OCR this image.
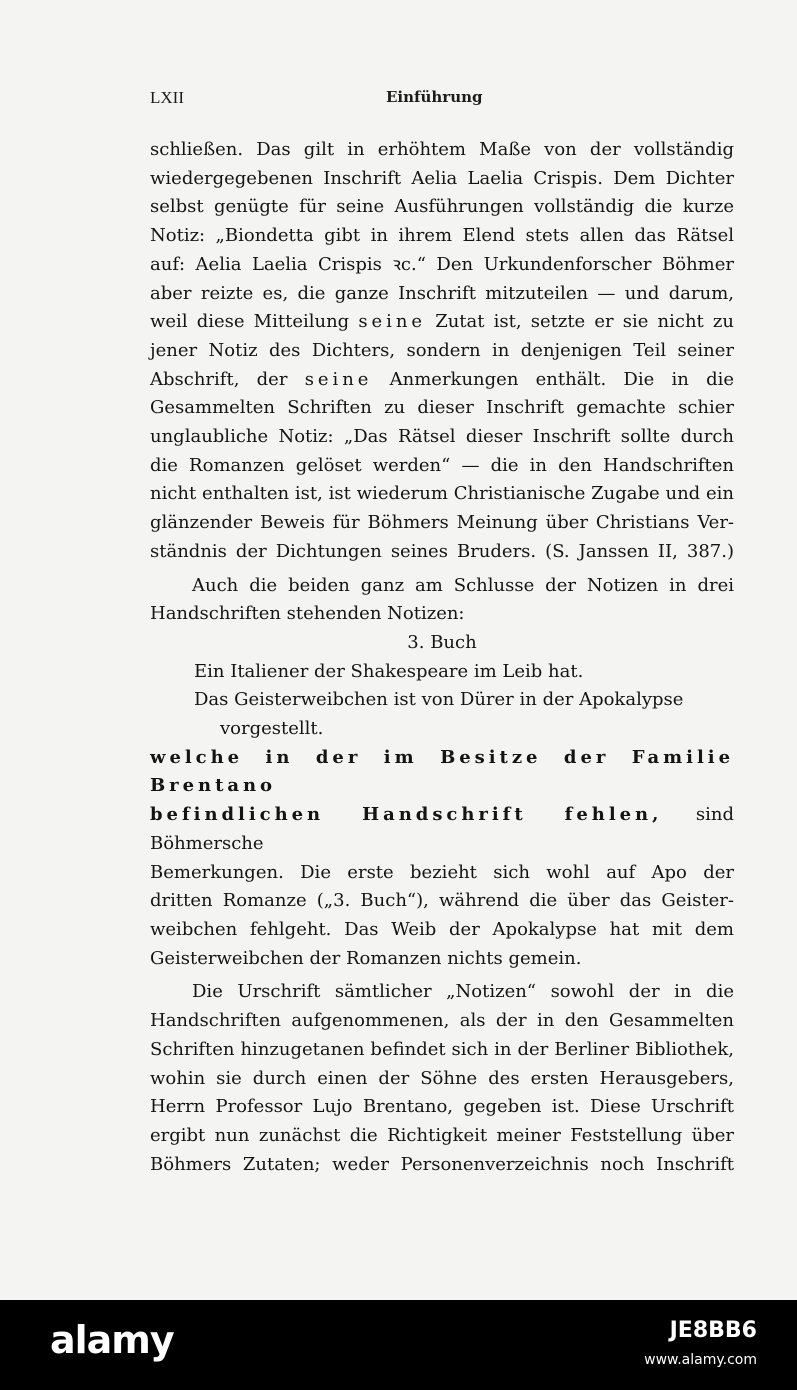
LXII	Einführung

schließen. Das gilt in erhöhtem Maße von der vollständig

wiedergegebenen Inschrift Aelia Laelia Crispis. Dem Dichter

selbst genügte für seine Ausführungen vollständig die kurze

Notiz: „Biondetta gibt in ihrem Elend stets allen das Rätsel

auf: Aelia Laelia Crispis ꝛc.“ Den Urkundenforscher Böhmer

aber reizte es, die ganze Inschrift mitzuteilen — und darum,

weil diese Mitteilung seine Zutat ist, setzte er sie nicht zu

jener Notiz des Dichters, sondern in denjenigen Teil seiner

Abschrift, der seine Anmerkungen enthält. Die in die

Gesammelten Schriften zu dieser Inschrift gemachte schier

unglaubliche Notiz: „Das Rätsel dieser Inschrift sollte durch

die Romanzen gelöset werden“ — die in den Handschriften

nicht enthalten ist, ist wiederum Christianische Zugabe und ein

glänzender Beweis für Böhmers Meinung über Christians Ver-

ständnis der Dichtungen seines Bruders. (S. Janssen II, 387.)

Auch die beiden ganz am Schlusse der Notizen in drei

Handschriften stehenden Notizen:

3. Buch

Ein Italiener der Shakespeare im Leib hat.

Das Geisterweibchen ist von Dürer in der Apokalypse

vorgestellt.

welche in der im Besitze der Familie Brentano

befindlichen Handschrift fehlen, sind Böhmersche

Bemerkungen. Die erste bezieht sich wohl auf Apo der

dritten Romanze („3. Buch“), während die über das Geister-

weibchen fehlgeht. Das Weib der Apokalypse hat mit dem

Geisterweibchen der Romanzen nichts gemein.

Die Urschrift sämtlicher „Notizen“ sowohl der in die

Handschriften aufgenommenen, als der in den Gesammelten

Schriften hinzugetanen befindet sich in der Berliner Bibliothek,

wohin sie durch einen der Söhne des ersten Herausgebers,

Herrn Professor Lujo Brentano, gegeben ist. Diese Urschrift

ergibt nun zunächst die Richtigkeit meiner Feststellung über

Böhmers Zutaten; weder Personenverzeichnis noch Inschrift

alamy	JE8BB6
www.alamy.com
